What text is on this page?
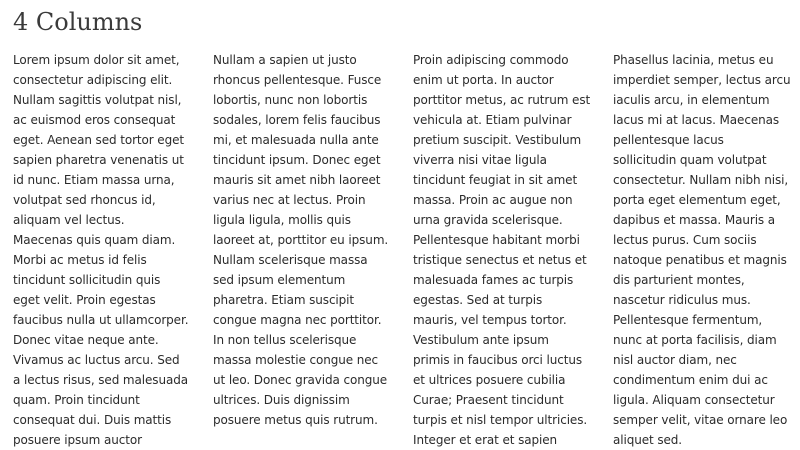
4 Columns
Lorem ipsum dolor sit amet,
consectetur adipiscing elit.
Nullam sagittis volutpat nisl,
ac euismod eros consequat
eget. Aenean sed tortor eget
sapien pharetra venenatis ut
id nunc. Etiam massa urna,
volutpat sed rhoncus id,
aliquam vel lectus.
Maecenas quis quam diam.
Morbi ac metus id felis
tincidunt sollicitudin quis
eget velit. Proin egestas
faucibus nulla ut ullamcorper.
Donec vitae neque ante.
Vivamus ac luctus arcu. Sed
a lectus risus, sed malesuada
quam. Proin tincidunt
consequat dui. Duis mattis
posuere ipsum auctor
Nullam a sapien ut justo
rhoncus pellentesque. Fusce
lobortis, nunc non lobortis
sodales, lorem felis faucibus
mi, et malesuada nulla ante
tincidunt ipsum. Donec eget
mauris sit amet nibh laoreet
varius nec at lectus. Proin
ligula ligula, mollis quis
laoreet at, porttitor eu ipsum.
Nullam scelerisque massa
sed ipsum elementum
pharetra. Etiam suscipit
congue magna nec porttitor.
In non tellus scelerisque
massa molestie congue nec
ut leo. Donec gravida congue
ultrices. Duis dignissim
posuere metus quis rutrum.
Proin adipiscing commodo
enim ut porta. In auctor
porttitor metus, ac rutrum est
vehicula at. Etiam pulvinar
pretium suscipit. Vestibulum
viverra nisi vitae ligula
tincidunt feugiat in sit amet
massa. Proin ac augue non
urna gravida scelerisque.
Pellentesque habitant morbi
tristique senectus et netus et
malesuada fames ac turpis
egestas. Sed at turpis
mauris, vel tempus tortor.
Vestibulum ante ipsum
primis in faucibus orci luctus
et ultrices posuere cubilia
Curae; Praesent tincidunt
turpis et nisl tempor ultricies.
Integer et erat et sapien
Phasellus lacinia, metus eu
imperdiet semper, lectus arcu
iaculis arcu, in elementum
lacus mi at lacus. Maecenas
pellentesque lacus
sollicitudin quam volutpat
consectetur. Nullam nibh nisi,
porta eget elementum eget,
dapibus et massa. Mauris a
lectus purus. Cum sociis
natoque penatibus et magnis
dis parturient montes,
nascetur ridiculus mus.
Pellentesque fermentum,
nunc at porta facilisis, diam
nisl auctor diam, nec
condimentum enim dui ac
ligula. Aliquam consectetur
semper velit, vitae ornare leo
aliquet sed.
